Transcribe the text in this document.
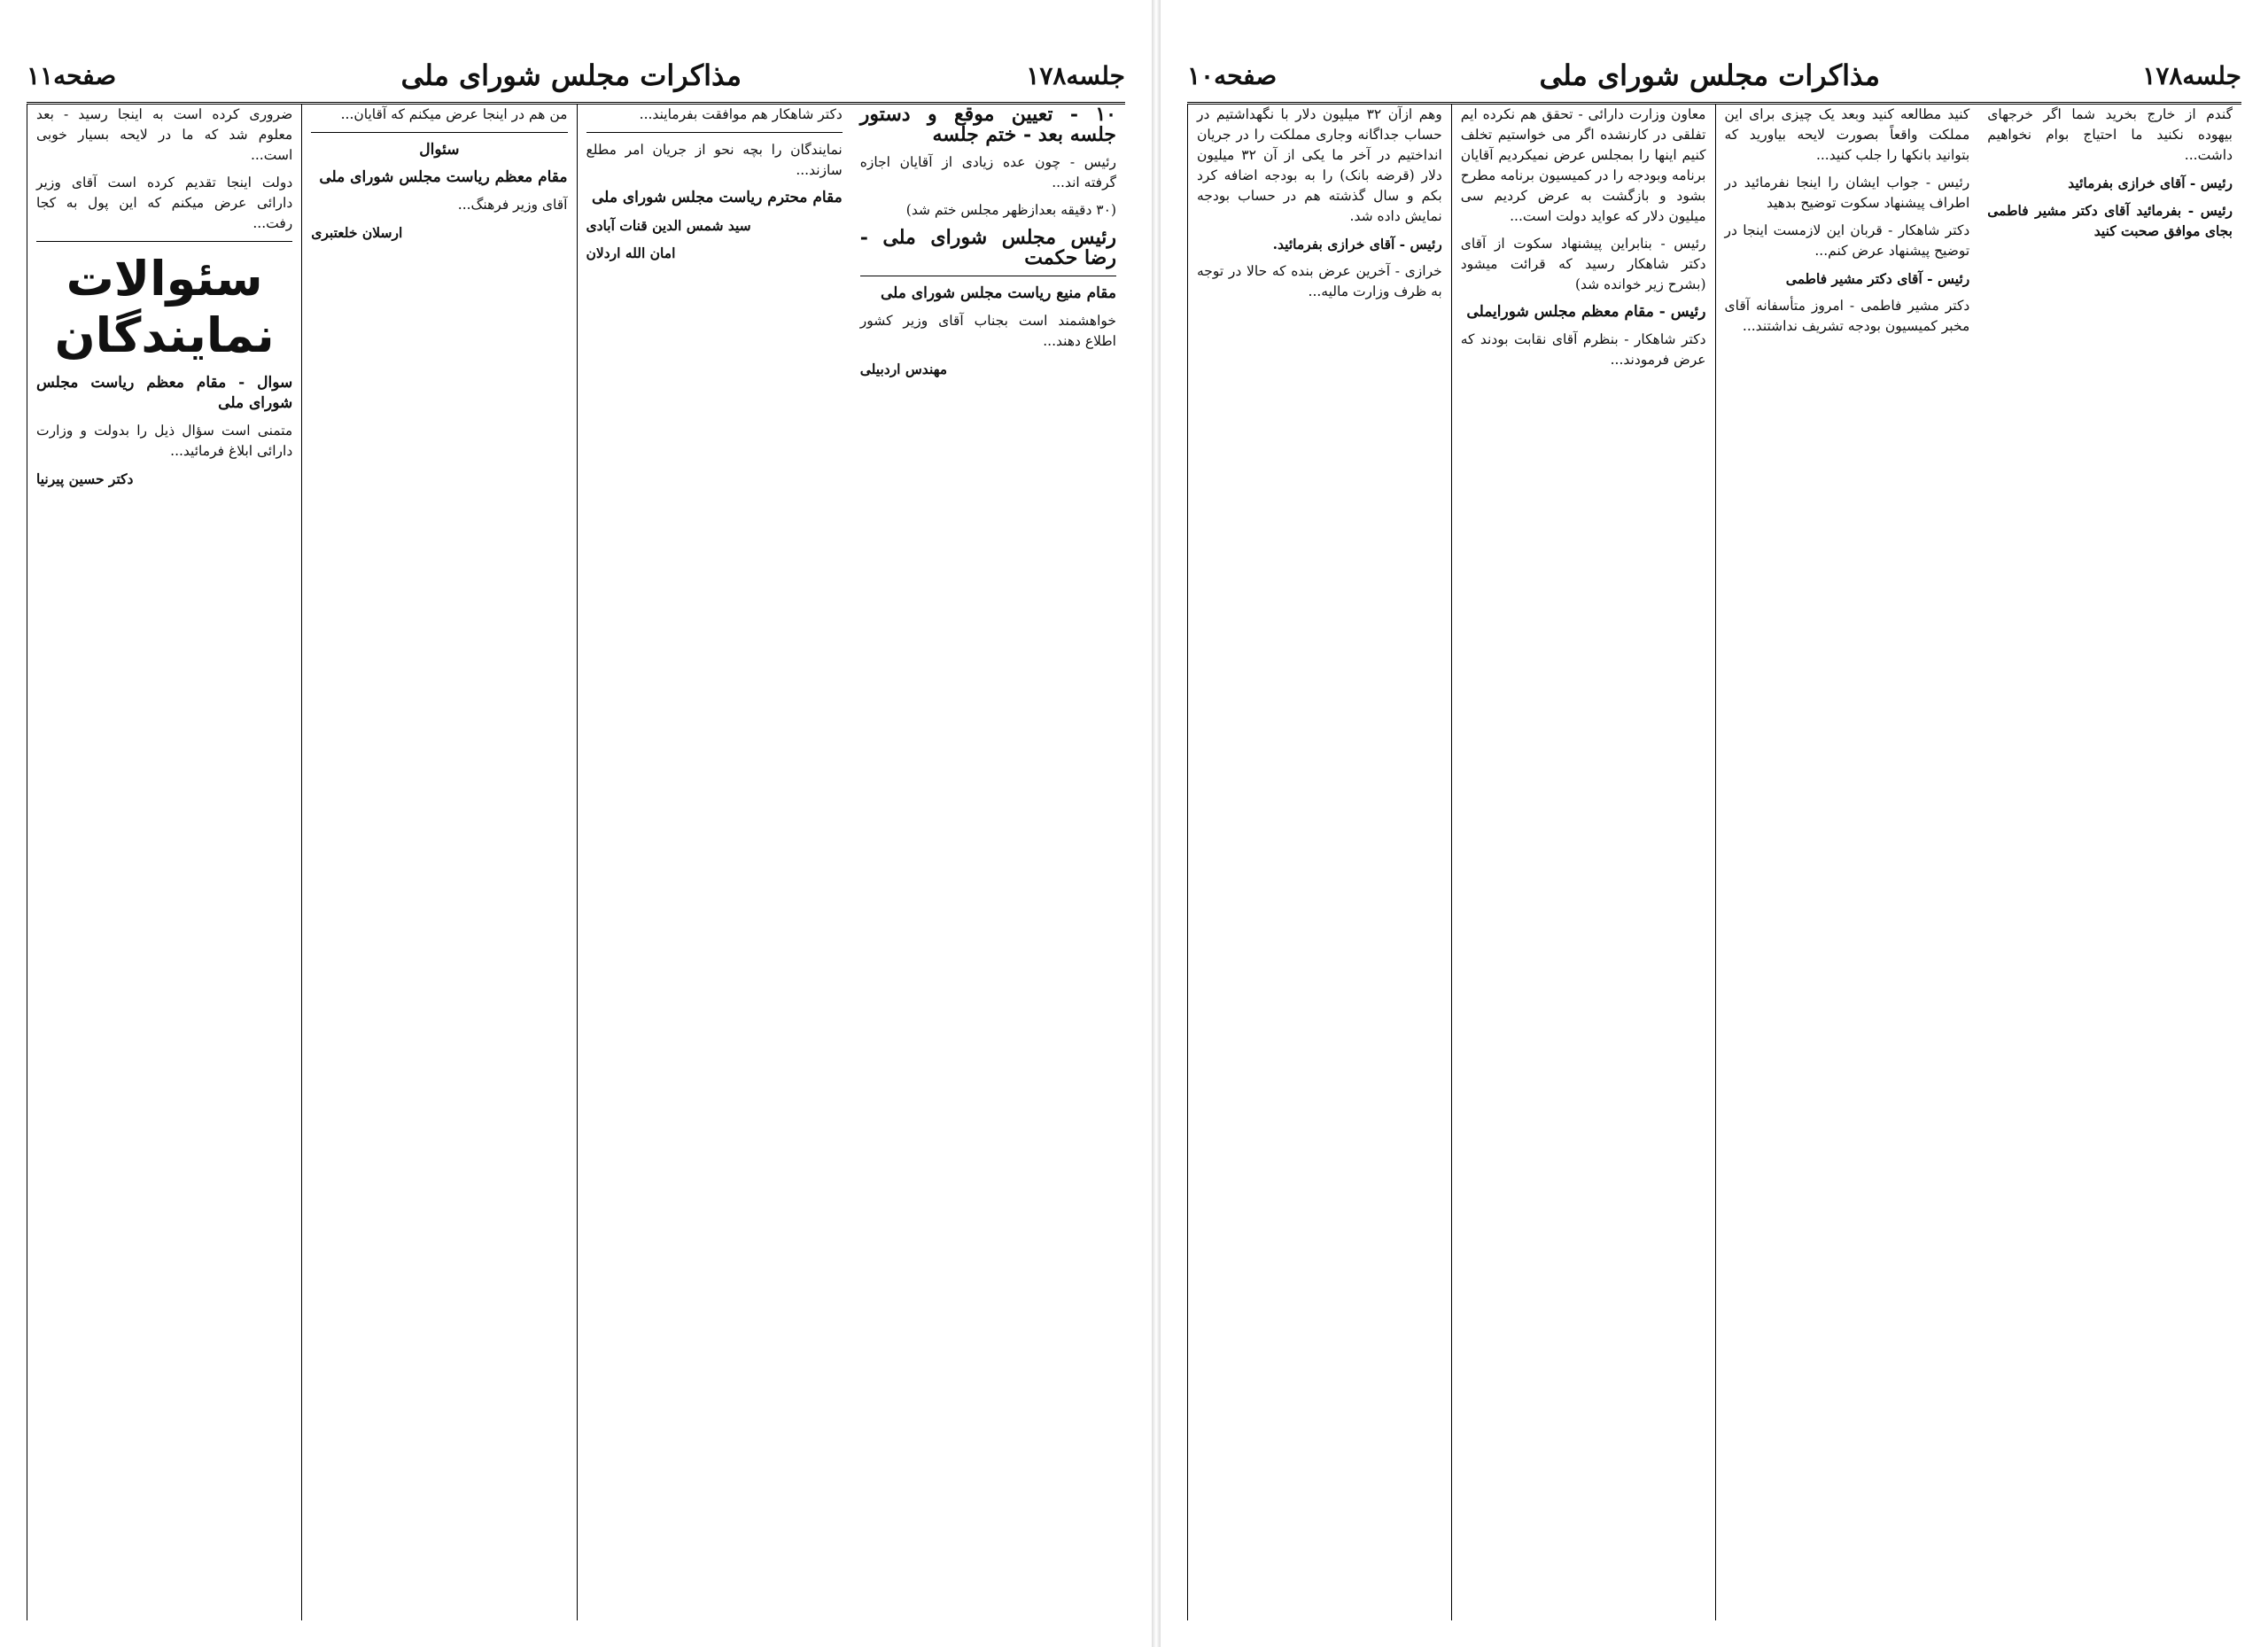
صفحه۱۱	مذاکرات مجلس شورای ملی	جلسه۱۷۸

ضروری کرده است به اینجا رسید - بعد معلوم شد که ما در لایحه بسیار خوبی است...

دولت اینجا تقدیم کرده است آقای وزیر دارائی عرض میکنم که این پول به کجا رفت...

سئوالات نمایندگان

سوال - مقام معظم ریاست مجلس شورای ملی

متمنی است سؤال ذیل را بدولت و وزارت دارائی ابلاغ فرمائید...

دکتر حسین پیرنیا

من هم در اینجا عرض میکنم که آقایان...

سئوال

مقام معظم ریاست مجلس شورای ملی

آقای وزیر فرهنگ...

ارسلان خلعتبری

دکتر شاهکار هم موافقت بفرمایند...

نمایندگان را بچه نحو از جریان امر مطلع سازند...

مقام محترم ریاست مجلس شورای ملی

سید شمس الدین قنات آبادی

امان الله اردلان

۱۰ - تعیین موقع و دستور جلسه بعد - ختم جلسه

رئیس - چون عده زیادی از آقایان اجازه گرفته اند...

(۳۰ دقیقه بعدازظهر مجلس ختم شد)

رئیس مجلس شورای ملی - رضا حکمت

مقام منیع ریاست مجلس شورای ملی

خواهشمند است بجناب آقای وزیر کشور اطلاع دهند...

مهندس اردبیلی

صفحه۱۰	مذاکرات مجلس شورای ملی	جلسه۱۷۸

وهم ازآن ۳۲ میلیون دلار با نگهداشتیم در حساب جداگانه وجاری مملکت را در جریان انداختیم در آخر ما یکی از آن ۳۲ میلیون دلار (قرضه بانک) را به بودجه اضافه کرد بکم و سال گذشته هم در حساب بودجه نمایش داده شد.

رئیس - آقای خرازی بفرمائید.

خرازی - آخرین عرض بنده که حالا در توجه به ظرف وزارت مالیه...

معاون وزارت دارائی - تحقق هم نکرده ایم تفلقی در کارنشده اگر می خواستیم تخلف کنیم اینها را بمجلس عرض نمیکردیم آقایان برنامه وبودجه را در کمیسیون برنامه مطرح بشود و بازگشت به عرض کردیم سی میلیون دلار که عواید دولت است...

رئیس - بنابراین پیشنهاد سکوت از آقای دکتر شاهکار رسید که قرائت میشود (بشرح زیر خوانده شد)

رئیس - مقام معظم مجلس شورایملی

دکتر شاهکار - بنظرم آقای نقابت بودند که عرض فرمودند...

کنید مطالعه کنید وبعد یک چیزی برای این مملکت واقعاً بصورت لایحه بیاورید که بتوانید بانکها را جلب کنید...

رئیس - جواب ایشان را اینجا نفرمائید در اطراف پیشنهاد سکوت توضیح بدهید

دکتر شاهکار - قربان این لازمست اینجا در توضیح پیشنهاد عرض کنم...

رئیس - آقای دکتر مشیر فاطمی

دکتر مشیر فاطمی - امروز متأسفانه آقای مخبر کمیسیون بودجه تشریف نداشتند...

گندم از خارج بخرید شما اگر خرجهای بیهوده نکنید ما احتیاج بوام نخواهیم داشت...

رئیس - آقای خرازی بفرمائید

رئیس - بفرمائید آقای دکتر مشیر فاطمی بجای موافق صحبت کنید
